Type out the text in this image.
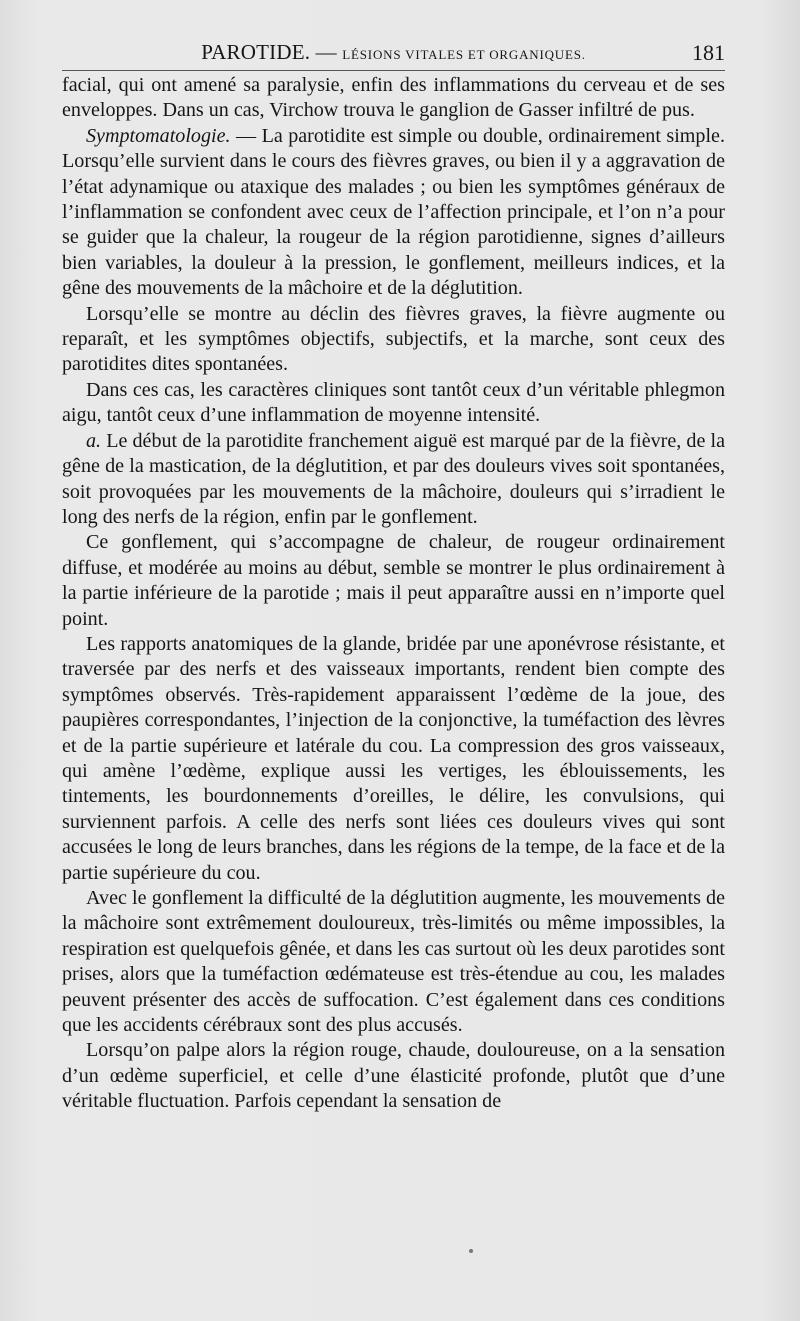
PAROTIDE. — LÉSIONS VITALES ET ORGANIQUES.	181

facial, qui ont amené sa paralysie, enfin des inflammations du cerveau et de ses enveloppes. Dans un cas, Virchow trouva le ganglion de Gasser infiltré de pus.

Symptomatologie. — La parotidite est simple ou double, ordinairement simple. Lorsqu’elle survient dans le cours des fièvres graves, ou bien il y a aggravation de l’état adynamique ou ataxique des malades ; ou bien les symptômes généraux de l’inflammation se confondent avec ceux de l’affection principale, et l’on n’a pour se guider que la chaleur, la rougeur de la région parotidienne, signes d’ailleurs bien variables, la douleur à la pression, le gonflement, meilleurs indices, et la gêne des mouvements de la mâchoire et de la déglutition.

Lorsqu’elle se montre au déclin des fièvres graves, la fièvre augmente ou reparaît, et les symptômes objectifs, subjectifs, et la marche, sont ceux des parotidites dites spontanées.

Dans ces cas, les caractères cliniques sont tantôt ceux d’un véritable phlegmon aigu, tantôt ceux d’une inflammation de moyenne intensité.

a. Le début de la parotidite franchement aiguë est marqué par de la fièvre, de la gêne de la mastication, de la déglutition, et par des douleurs vives soit spontanées, soit provoquées par les mouvements de la mâchoire, douleurs qui s’irradient le long des nerfs de la région, enfin par le gonflement.

Ce gonflement, qui s’accompagne de chaleur, de rougeur ordinairement diffuse, et modérée au moins au début, semble se montrer le plus ordinairement à la partie inférieure de la parotide ; mais il peut apparaître aussi en n’importe quel point.

Les rapports anatomiques de la glande, bridée par une aponévrose résistante, et traversée par des nerfs et des vaisseaux importants, rendent bien compte des symptômes observés. Très-rapidement apparaissent l’œdème de la joue, des paupières correspondantes, l’injection de la conjonctive, la tuméfaction des lèvres et de la partie supérieure et latérale du cou. La compression des gros vaisseaux, qui amène l’œdème, explique aussi les vertiges, les éblouissements, les tintements, les bourdonnements d’oreilles, le délire, les convulsions, qui surviennent parfois. A celle des nerfs sont liées ces douleurs vives qui sont accusées le long de leurs branches, dans les régions de la tempe, de la face et de la partie supérieure du cou.

Avec le gonflement la difficulté de la déglutition augmente, les mouvements de la mâchoire sont extrêmement douloureux, très-limités ou même impossibles, la respiration est quelquefois gênée, et dans les cas surtout où les deux parotides sont prises, alors que la tuméfaction œdémateuse est très-étendue au cou, les malades peuvent présenter des accès de suffocation. C’est également dans ces conditions que les accidents cérébraux sont des plus accusés.

Lorsqu’on palpe alors la région rouge, chaude, douloureuse, on a la sensation d’un œdème superficiel, et celle d’une élasticité profonde, plutôt que d’une véritable fluctuation. Parfois cependant la sensation de
